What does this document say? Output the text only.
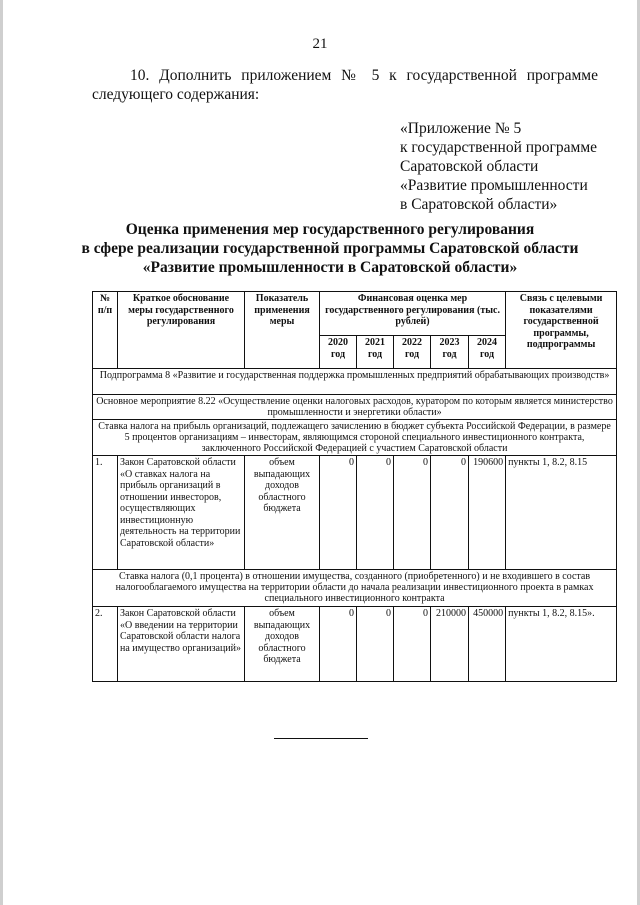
21
10. Дополнить приложением № 5 к государственной программе
следующего содержания:
«Приложение № 5
к государственной программе
Саратовской области
«Развитие промышленности
в Саратовской области»
Оценка применения мер государственного регулирования
в сфере реализации государственной программы Саратовской области
«Развитие промышленности в Саратовской области»
№ п/п	Краткое обоснование меры государственного регулирования	Показатель применения меры	Финансовая оценка мер государственного регулирования (тыс. рублей)					Связь с целевыми показателями государственной программы, подпрограммы
			2020 год	2021 год	2022 год	2023 год	2024 год	
Подпрограмма 8 «Развитие и государственная поддержка промышленных предприятий обрабатывающих производств»								
Основное мероприятие 8.22 «Осуществление оценки налоговых расходов, куратором по которым является министерство промышленности и энергетики области»								
Ставка налога на прибыль организаций, подлежащего зачислению в бюджет субъекта Российской Федерации, в размере 5 процентов организациям – инвесторам, являющимся стороной специального инвестиционного контракта, заключенного Российской Федерацией с участием Саратовской области								
1.	Закон Саратовской области «О ставках налога на прибыль организаций в отношении инвесторов, осуществляющих инвестиционную деятельность на территории Саратовской области»	объем выпадающих доходов областного бюджета	0	0	0	0	190600	пункты 1, 8.2, 8.15
Ставка налога (0,1 процента) в отношении имущества, созданного (приобретенного) и не входившего в состав налогооблагаемого имущества на территории области до начала реализации инвестиционного проекта в рамках специального инвестиционного контракта								
2.	Закон Саратовской области «О введении на территории Саратовской области налога на имущество организаций»	объем выпадающих доходов областного бюджета	0	0	0	210000	450000	пункты 1, 8.2, 8.15».
